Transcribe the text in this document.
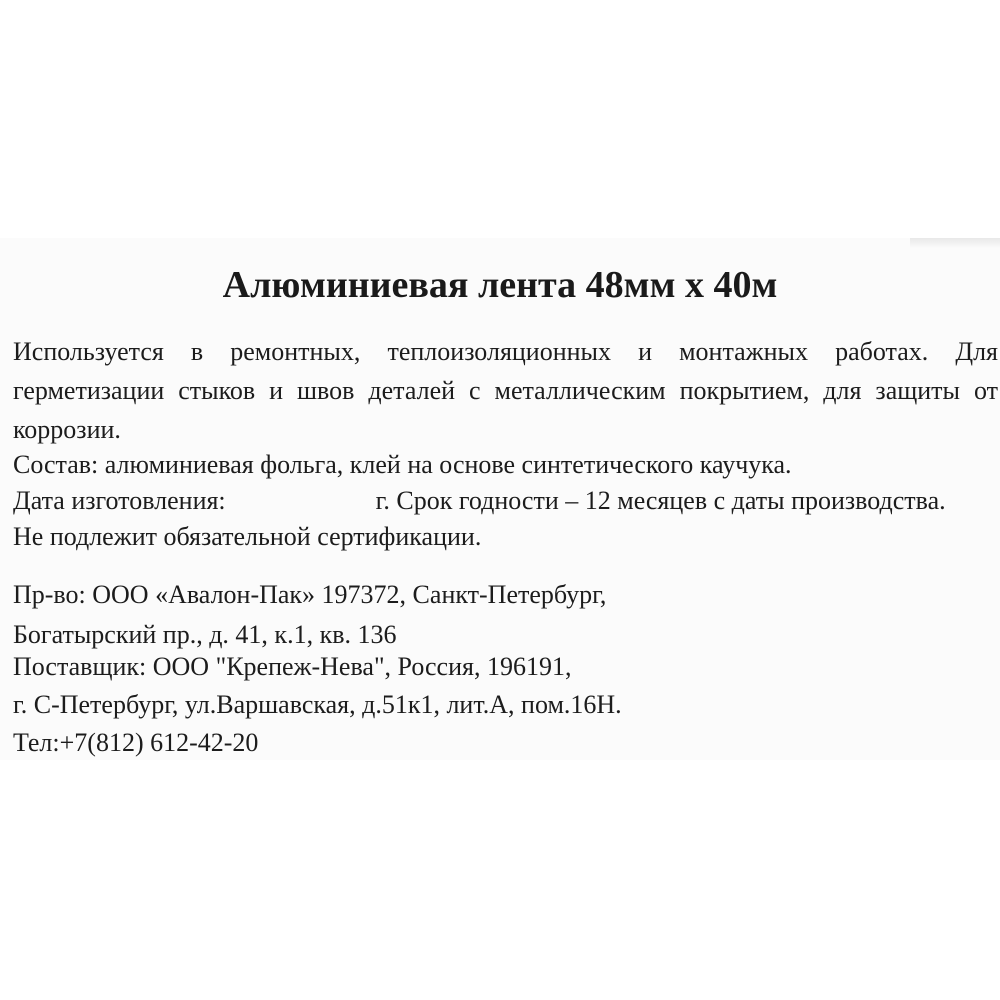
Алюминиевая лента 48мм х 40м
Используется в ремонтных, теплоизоляционных и монтажных работах. Для
герметизации стыков и швов деталей с металлическим покрытием, для защиты от
коррозии.
Состав: алюминиевая фольга, клей на основе синтетического каучука.
Дата изготовления:	г. Срок годности – 12 месяцев с даты производства.
Не подлежит обязательной сертификации.
Пр-во: ООО «Авалон-Пак» 197372, Санкт-Петербург,
Богатырский пр., д. 41, к.1, кв. 136
Поставщик: ООО "Крепеж-Нева", Россия, 196191,
г. С-Петербург, ул.Варшавская, д.51к1, лит.А, пом.16Н.
Тел:+7(812) 612-42-20
